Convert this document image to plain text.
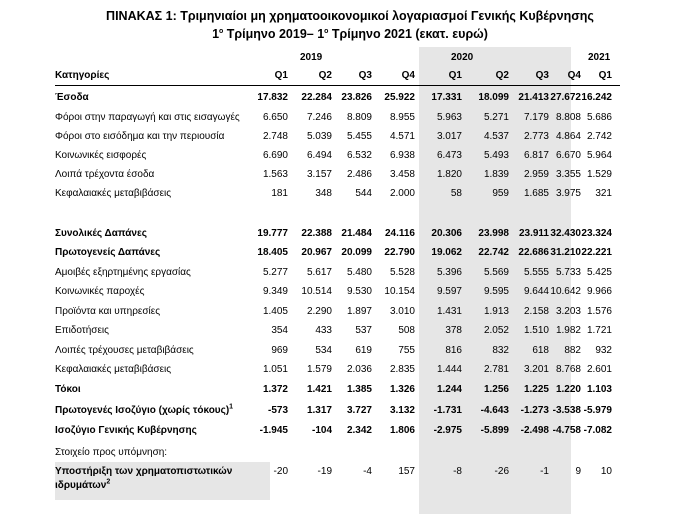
ΠΙΝΑΚΑΣ 1: Τριμηνιαίοι μη χρηματοοικονομικοί λογαριασμοί Γενικής Κυβέρνησης
$1^o$ Τρίμηνο 2019– $1^o$ Τρίμηνο 2021 (εκατ. ευρώ)
2019	2020	2021
Κατηγορίες	Q1	Q2	Q3	Q4	Q1	Q2	Q3	Q4	Q1
Έσοδα	17.832	22.284 23.826	25.922	17.331	18.099 21.413 27.672 16.242
Φόροι στην παραγωγή και στις εισαγωγές	6.650	7.246	8.809	8.955	5.963	5.271	7.179 8.808 5.686
Φόροι στο εισόδημα και την περιουσία	2.748	5.039	5.455	4.571	3.017	4.537	2.773 4.864 2.742
Κοινωνικές εισφορές	6.690	6.494	6.532	6.938	6.473	5.493	6.817 6.670 5.964
Λοιπά τρέχοντα έσοδα	1.563	3.157	2.486	3.458	1.820	1.839	2.959 3.355 1.529
Κεφαλαιακές μεταβιβάσεις	181	348	544	2.000	58	959	1.685 3.975	321
Συνολικές Δαπάνες	19.777	22.388 21.484	24.116	20.306	23.998 23.911 32.430 23.324
Πρωτογενείς Δαπάνες	18.405	20.967 20.099	22.790	19.062	22.742 22.686 31.210 22.221
Αμοιβές εξηρτημένης εργασίας	5.277	5.617	5.480	5.528	5.396	5.569	5.555 5.733 5.425
Κοινωνικές παροχές	9.349	10.514	9.530	10.154	9.597	9.595	9.644 10.642 9.966
Προϊόντα και υπηρεσίες	1.405	2.290	1.897	3.010	1.431	1.913	2.158 3.203 1.576
Επιδοτήσεις	354	433	537	508	378	2.052	1.510 1.982 1.721
Λοιπές τρέχουσες μεταβιβάσεις	969	534	619	755	816	832	618	882	932
Κεφαλαιακές μεταβιβάσεις	1.051	1.579	2.036	2.835	1.444	2.781	3.201 8.768 2.601
Τόκοι	1.372	1.421	1.385	1.326	1.244	1.256	1.225 1.220 1.103
Πρωτογενές Ισοζύγιο (χωρίς τόκους)$^1$	-573	1.317	3.727	3.132	-1.731	-4.643	-1.273 -3.538 -5.979
Ισοζύγιο Γενικής Κυβέρνησης	-1.945	-104	2.342	1.806	-2.975	-5.899	-2.498 -4.758 -7.082
Στοιχείο προς υπόμνηση:
Υποστήριξη των χρηματοπιστωτικών
ιδρυμάτων$^2$
-20	-19	-4	157	-8	-26	-1	9	10
